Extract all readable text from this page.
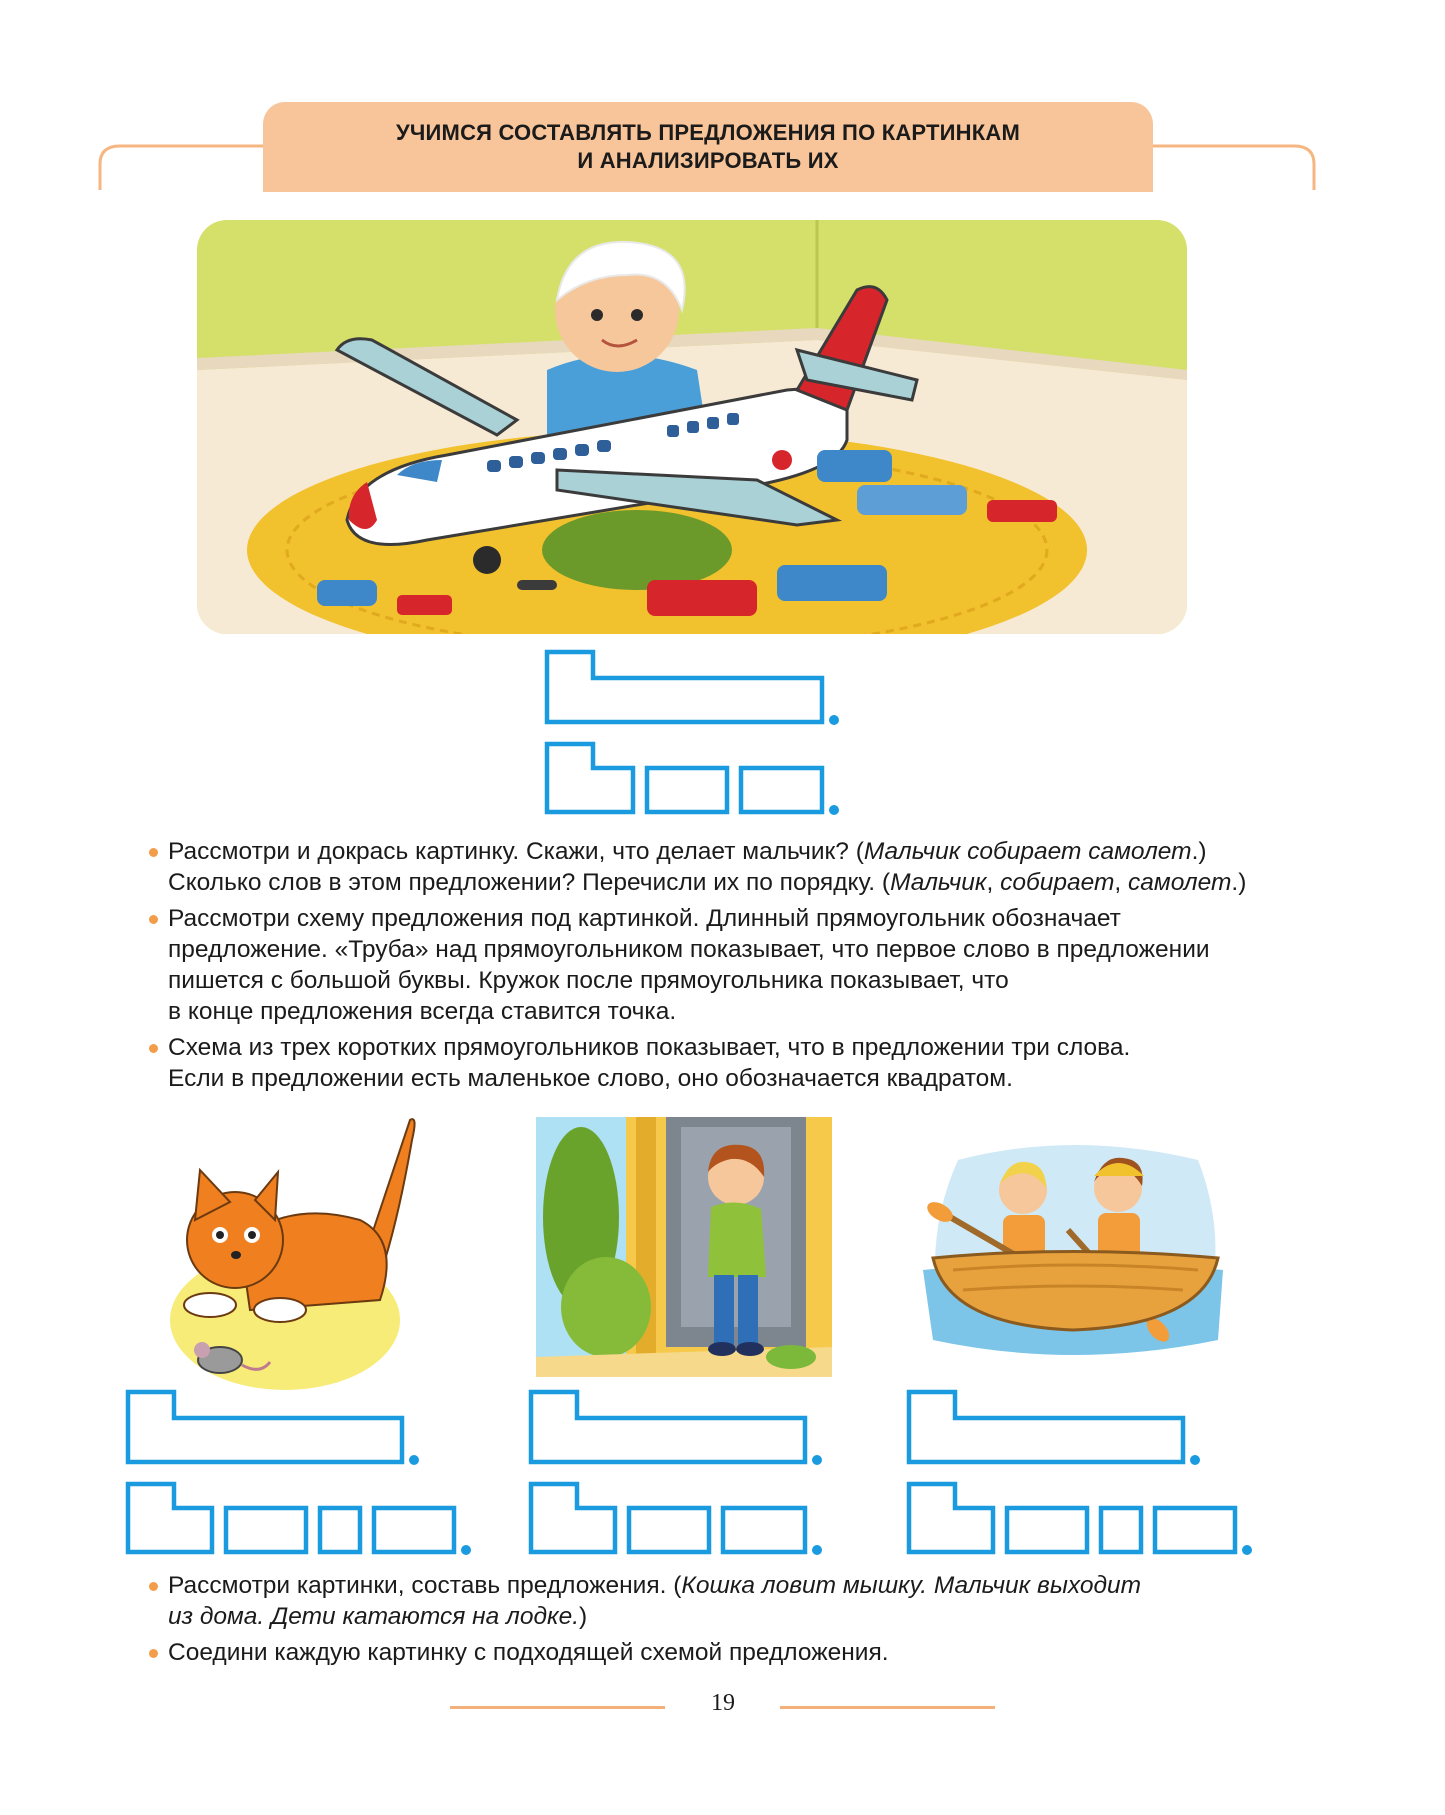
УЧИМСЯ СОСТАВЛЯТЬ ПРЕДЛОЖЕНИЯ ПО КАРТИНКАМ
И АНАЛИЗИРОВАТЬ ИХ
Рассмотри и докрась картинку. Скажи, что делает мальчик? (Мальчик собирает самолет.)
Сколько слов в этом предложении? Перечисли их по порядку. (Мальчик, собирает, самолет.)
Рассмотри схему предложения под картинкой. Длинный прямоугольник обозначает
предложение. «Труба» над прямоугольником показывает, что первое слово в предложении
пишется с большой буквы. Кружок после прямоугольника показывает, что
в конце предложения всегда ставится точка.
Схема из трех коротких прямоугольников показывает, что в предложении три слова.
Если в предложении есть маленькое слово, оно обозначается квадратом.
Рассмотри картинки, составь предложения. (Кошка ловит мышку. Мальчик выходит
из дома. Дети катаются на лодке.)
Соедини каждую картинку с подходящей схемой предложения.
19
